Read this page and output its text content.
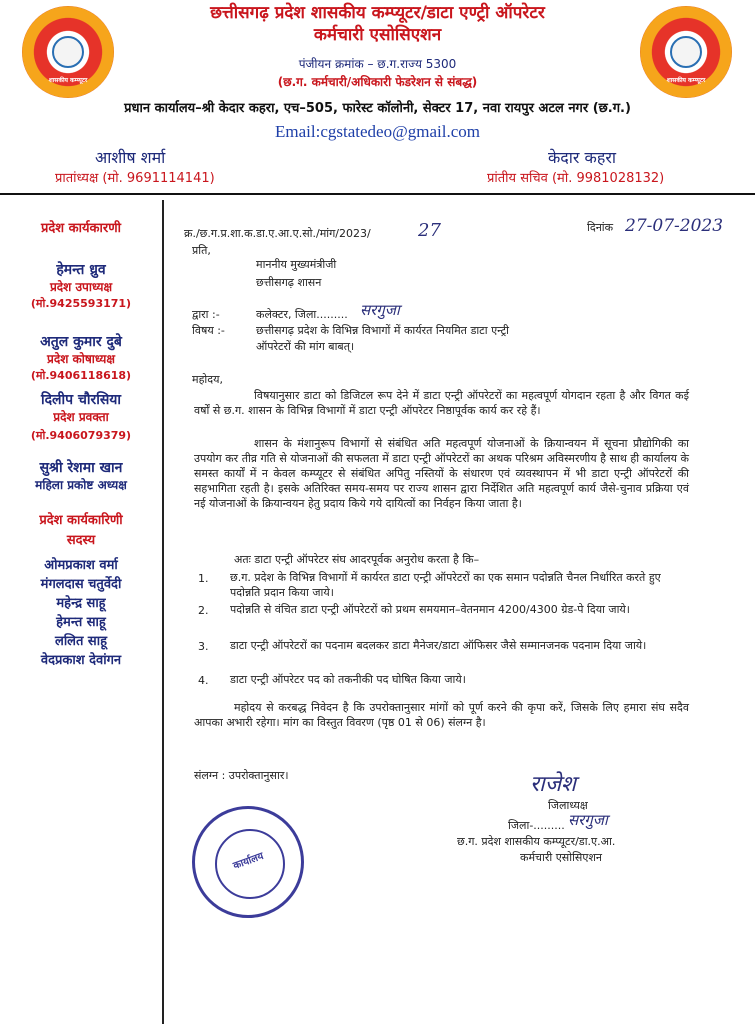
शासकीय कम्प्यूटर	शासकीय कम्प्यूटर
छत्तीसगढ़ प्रदेश शासकीय कम्प्यूटर/डाटा एण्ट्री ऑपरेटर
कर्मचारी एसोसिएशन
पंजीयन क्रमांक – छ.ग.राज्य 5300
(छ.ग. कर्मचारी/अधिकारी फेडरेशन से संबद्ध)
प्रधान कार्यालय–श्री केदार कहरा, एच–505, फारेस्ट कॉलोनी, सेक्टर 17, नवा रायपुर अटल नगर (छ.ग.)
Email:cgstatedeo@gmail.com
आशीष शर्मा
प्रातांध्यक्ष (मो. 9691114141)
केदार कहरा
प्रांतीय सचिव (मो. 9981028132)
प्रदेश कार्यकारणी
हेमन्त ध्रुव
प्रदेश उपाध्यक्ष
(मो.9425593171)
अतुल कुमार दुबे
प्रदेश कोषाध्यक्ष
(मो.9406118618)
दिलीप चौरसिया
प्रदेश प्रवक्ता
(मो.9406079379)
सुश्री रेशमा खान
महिला प्रकोष्ट अध्यक्ष
प्रदेश कार्यकारिणी
सदस्य
ओमप्रकाश वर्मा
मंगलदास चतुर्वेदी
महेन्द्र साहू
हेमन्त साहू
ललित साहू
वेदप्रकाश देवांगन
क्र./छ.ग.प्र.शा.क.डा.ए.आ.ए.सो./मांग/2023/	27	दिनांक 27-07-2023
प्रति,
माननीय मुख्यमंत्रीजी
छत्तीसगढ़ शासन
द्वारा :-	कलेक्टर, जिला......... सरगुजा
विषय :-	छत्तीसगढ़ प्रदेश के विभिन्न विभागों में कार्यरत नियमित डाटा एन्ट्री
ऑपरेटरों की मांग बाबत्।
महोदय,
विषयानुसार डाटा को डिजिटल रूप देने में डाटा एन्ट्री ऑपरेटरों का महत्वपूर्ण योगदान रहता है और विगत कई वर्षों से छ.ग. शासन के विभिन्न विभागों में डाटा एन्ट्री ऑपरेटर निष्ठापूर्वक कार्य कर रहे हैं।
शासन के मंशानुरूप विभागों से संबंधित अति महत्वपूर्ण योजनाओं के क्रियान्वयन में सूचना प्रौद्योगिकी का उपयोग कर तीव्र गति से योजनाओं की सफलता में डाटा एन्ट्री ऑपरेटरों का अथक परिश्रम अविस्मरणीय है साथ ही कार्यालय के समस्त कार्यों में न केवल कम्प्यूटर से संबंधित अपितु नस्तियों के संधारण एवं व्यवस्थापन में भी डाटा एन्ट्री ऑपरेटरों की सहभागिता रहती है। इसके अतिरिक्त समय-समय पर राज्य शासन द्वारा निर्देशित अति महत्वपूर्ण कार्य जैसे-चुनाव प्रक्रिया एवं नई योजनाओं के क्रियान्वयन हेतु प्रदाय किये गये दायित्वों का निर्वहन किया जाता है।
अतः डाटा एन्ट्री ऑपरेटर संघ आदरपूर्वक अनुरोध करता है कि–
1. छ.ग. प्रदेश के विभिन्न विभागों में कार्यरत डाटा एन्ट्री ऑपरेटरों का एक समान पदोन्नति चैनल निर्धारित करते हुए पदोन्नति प्रदान किया जाये।
2. पदोन्नति से वंचित डाटा एन्ट्री ऑपरेटरों को प्रथम समयमान–वेतनमान 4200/4300 ग्रेड-पे दिया जाये।
3. डाटा एन्ट्री ऑपरेटरों का पदनाम बदलकर डाटा मैनेजर/डाटा ऑफिसर जैसे सम्मानजनक पदनाम दिया जाये।
4. डाटा एन्ट्री ऑपरेटर पद को तकनीकी पद घोषित किया जाये।
महोदय से करबद्ध निवेदन है कि उपरोक्तानुसार मांगों को पूर्ण करने की कृपा करें, जिसके लिए हमारा संघ सदैव आपका अभारी रहेगा। मांग का विस्तुत विवरण (पृष्ठ 01 से 06) संलग्न है।
संलग्न : उपरोक्तानुसार।	राजेश
जिलाध्यक्ष
जिला-......... सरगुजा
छ.ग. प्रदेश शासकीय कम्प्यूटर/डा.ए.आ.
कर्मचारी एसोसिएशन
कार्यालय
